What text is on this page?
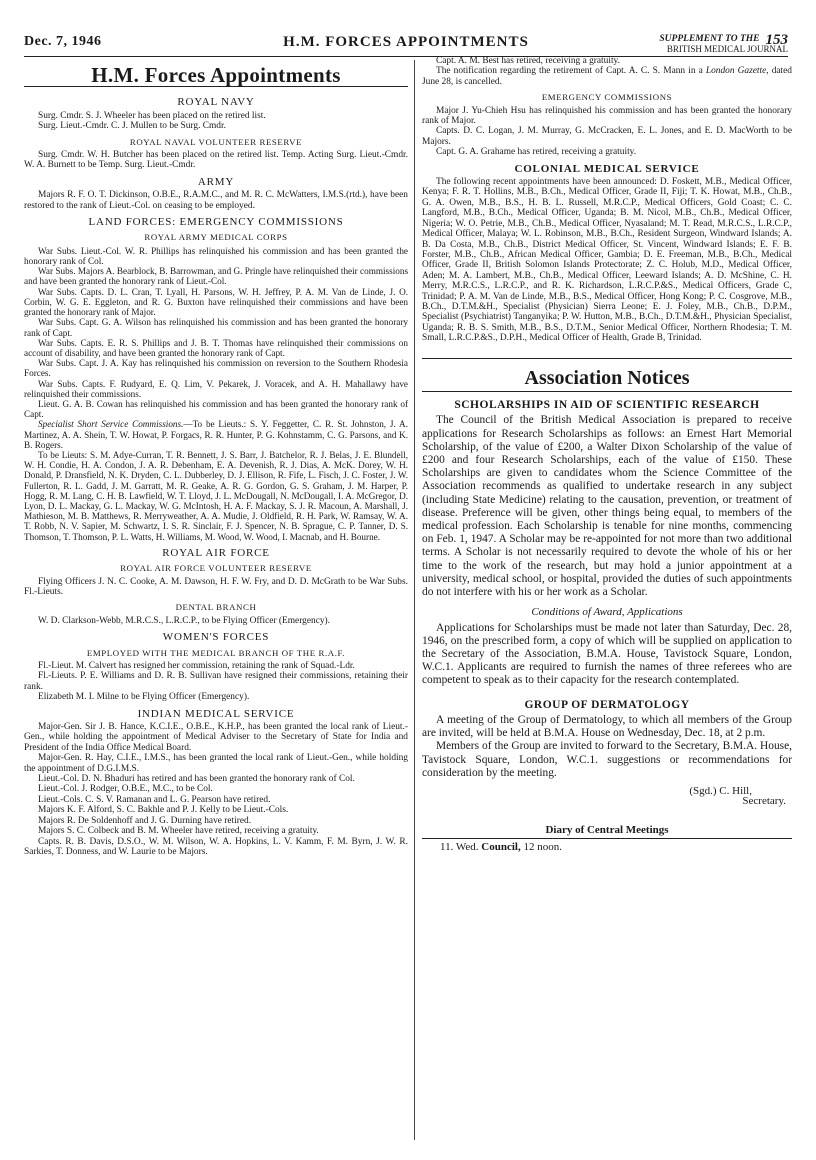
Dec. 7, 1946	H.M. FORCES APPOINTMENTS	SUPPLEMENT TO THE 153
BRITISH MEDICAL JOURNAL
H.M. Forces Appointments
ROYAL NAVY

Surg. Cmdr. S. J. Wheeler has been placed on the retired list.

Surg. Lieut.-Cmdr. C. J. Mullen to be Surg. Cmdr.

ROYAL NAVAL VOLUNTEER RESERVE

Surg. Cmdr. W. H. Butcher has been placed on the retired list. Temp. Acting Surg. Lieut.-Cmdr. W. A. Burnett to be Temp. Surg. Lieut.-Cmdr.

ARMY

Majors R. F. O. T. Dickinson, O.B.E., R.A.M.C., and M. R. C. McWatters, I.M.S.(rtd.), have been restored to the rank of Lieut.-Col. on ceasing to be employed.

LAND FORCES: EMERGENCY COMMISSIONS
ROYAL ARMY MEDICAL CORPS

War Subs. Lieut.-Col. W. R. Phillips has relinquished his commission and has been granted the honorary rank of Col.

War Subs. Majors A. Bearblock, B. Barrowman, and G. Pringle have relinquished their commissions and have been granted the honorary rank of Lieut.-Col.

War Subs. Capts. D. L. Cran, T. Lyall, H. Parsons, W. H. Jeffrey, P. A. M. Van de Linde, J. O. Corbin, W. G. E. Eggleton, and R. G. Buxton have relinquished their commissions and have been granted the honorary rank of Major.

War Subs. Capt. G. A. Wilson has relinquished his commission and has been granted the honorary rank of Capt.

War Subs. Capts. E. R. S. Phillips and J. B. T. Thomas have relinquished their commissions on account of disability, and have been granted the honorary rank of Capt.

War Subs. Capt. J. A. Kay has relinquished his commission on reversion to the Southern Rhodesia Forces.

War Subs. Capts. F. Rudyard, E. Q. Lim, V. Pekarek, J. Voracek, and A. H. Mahallawy have relinquished their commissions.

Lieut. G. A. B. Cowan has relinquished his commission and has been granted the honorary rank of Capt.

Specialist Short Service Commissions.—To be Lieuts.: S. Y. Feggetter, C. R. St. Johnston, J. A. Martinez, A. A. Shein, T. W. Howat, P. Forgacs, R. R. Hunter, P. G. Kohnstamm, C. G. Parsons, and K. B. Rogers.

To be Lieuts: S. M. Adye-Curran, T. R. Bennett, J. S. Barr, J. Batchelor, R. J. Belas, J. E. Blundell, W. H. Condie, H. A. Condon, J. A. R. Debenham, E. A. Devenish, R. J. Dias, A. McK. Dorey, W. H. Donald, P. Dransfield, N. K. Dryden, C. L. Dubberley, D. J. Ellison, R. Fife, L. Fisch, J. C. Foster, J. W. Fullerton, R. L. Gadd, J. M. Garratt, M. R. Geake, A. R. G. Gordon, G. S. Graham, J. M. Harper, P. Hogg, R. M. Lang, C. H. B. Lawfield, W. T. Lloyd, J. L. McDougall, N. McDougall, I. A. McGregor, D. Lyon, D. L. Mackay, G. L. Mackay, W. G. McIntosh, H. A. F. Mackay, S. J. R. Macoun, A. Marshall, J. Mathieson, M. B. Matthews, R. Merryweather, A. A. Mudie, J. Oldfield, R. H. Park, W. Ramsay, W. A. T. Robb, N. V. Sapier, M. Schwartz, I. S. R. Sinclair, F. J. Spencer, N. B. Sprague, C. P. Tanner, D. S. Thomson, T. Thomson, P. L. Watts, H. Williams, M. Wood, W. Wood, I. Macnab, and H. Bourne.

ROYAL AIR FORCE
ROYAL AIR FORCE VOLUNTEER RESERVE

Flying Officers J. N. C. Cooke, A. M. Dawson, H. F. W. Fry, and D. D. McGrath to be War Subs. Fl.-Lieuts.

DENTAL BRANCH

W. D. Clarkson-Webb, M.R.C.S., L.R.C.P., to be Flying Officer (Emergency).

WOMEN'S FORCES
EMPLOYED WITH THE MEDICAL BRANCH OF THE R.A.F.

Fl.-Lieut. M. Calvert has resigned her commission, retaining the rank of Squad.-Ldr.

Fl.-Lieuts. P. E. Williams and D. R. B. Sullivan have resigned their commissions, retaining their rank.

Elizabeth M. I. Milne to be Flying Officer (Emergency).

INDIAN MEDICAL SERVICE

Major-Gen. Sir J. B. Hance, K.C.I.E., O.B.E., K.H.P., has been granted the local rank of Lieut.-Gen., while holding the appointment of Medical Adviser to the Secretary of State for India and President of the India Office Medical Board.

Major-Gen. R. Hay, C.I.E., I.M.S., has been granted the local rank of Lieut.-Gen., while holding the appointment of D.G.I.M.S.

Lieut.-Col. D. N. Bhaduri has retired and has been granted the honorary rank of Col.

Lieut.-Col. J. Rodger, O.B.E., M.C., to be Col.

Lieut.-Cols. C. S. V. Ramanan and L. G. Pearson have retired.

Majors K. F. Alford, S. C. Bakhle and P. J. Kelly to be Lieut.-Cols.

Majors R. De Soldenhoff and J. G. Durning have retired.

Majors S. C. Colbeck and B. M. Wheeler have retired, receiving a gratuity.

Capts. R. B. Davis, D.S.O., W. M. Wilson, W. A. Hopkins, L. V. Kamm, F. M. Byrn, J. W. R. Sarkies, T. Donness, and W. Laurie to be Majors.

Capt. A. M. Best has retired, receiving a gratuity.

The notification regarding the retirement of Capt. A. C. S. Mann in a London Gazette, dated June 28, is cancelled.

EMERGENCY COMMISSIONS

Major J. Yu-Chieh Hsu has relinquished his commission and has been granted the honorary rank of Major.

Capts. D. C. Logan, J. M. Murray, G. McCracken, E. L. Jones, and E. D. MacWorth to be Majors.

Capt. G. A. Grahame has retired, receiving a gratuity.

COLONIAL MEDICAL SERVICE

The following recent appointments have been announced: D. Foskett, M.B., Medical Officer, Kenya; F. R. T. Hollins, M.B., B.Ch., Medical Officer, Grade II, Fiji; T. K. Howat, M.B., Ch.B., G. A. Owen, M.B., B.S., H. B. L. Russell, M.R.C.P., Medical Officers, Gold Coast; C. C. Langford, M.B., B.Ch., Medical Officer, Uganda; B. M. Nicol, M.B., Ch.B., Medical Officer, Nigeria; W. O. Petrie, M.B., Ch.B., Medical Officer, Nyasaland; M. T. Read, M.R.C.S., L.R.C.P., Medical Officer, Malaya; W. L. Robinson, M.B., B.Ch., Resident Surgeon, Windward Islands; A. B. Da Costa, M.B., Ch.B., District Medical Officer, St. Vincent, Windward Islands; E. F. B. Forster, M.B., Ch.B., African Medical Officer, Gambia; D. E. Freeman, M.B., B.Ch., Medical Officer, Grade II, British Solomon Islands Protectorate; Z. C. Holub, M.D., Medical Officer, Aden; M. A. Lambert, M.B., Ch.B., Medical Officer, Leeward Islands; A. D. McShine, C. H. Merry, M.R.C.S., L.R.C.P., and R. K. Richardson, L.R.C.P.&S., Medical Officers, Grade C, Trinidad; P. A. M. Van de Linde, M.B., B.S., Medical Officer, Hong Kong; P. C. Cosgrove, M.B., B.Ch., D.T.M.&H., Specialist (Physician) Sierra Leone; E. J. Foley, M.B., Ch.B., D.P.M., Specialist (Psychiatrist) Tanganyika; P. W. Hutton, M.B., B.Ch., D.T.M.&H., Physician Specialist, Uganda; R. B. S. Smith, M.B., B.S., D.T.M., Senior Medical Officer, Northern Rhodesia; T. M. Small, L.R.C.P.&S., D.P.H., Medical Officer of Health, Grade B, Trinidad.

Association Notices
SCHOLARSHIPS IN AID OF SCIENTIFIC RESEARCH

The Council of the British Medical Association is prepared to receive applications for Research Scholarships as follows: an Ernest Hart Memorial Scholarship, of the value of £200, a Walter Dixon Scholarship of the value of £200 and four Research Scholarships, each of the value of £150. These Scholarships are given to candidates whom the Science Committee of the Association recommends as qualified to undertake research in any subject (including State Medicine) relating to the causation, prevention, or treatment of disease. Preference will be given, other things being equal, to members of the medical profession. Each Scholarship is tenable for nine months, commencing on Feb. 1, 1947. A Scholar may be re-appointed for not more than two additional terms. A Scholar is not necessarily required to devote the whole of his or her time to the work of the research, but may hold a junior appointment at a university, medical school, or hospital, provided the duties of such appointments do not interfere with his or her work as a Scholar.

Conditions of Award, Applications

Applications for Scholarships must be made not later than Saturday, Dec. 28, 1946, on the prescribed form, a copy of which will be supplied on application to the Secretary of the Association, B.M.A. House, Tavistock Square, London, W.C.1. Applicants are required to furnish the names of three referees who are competent to speak as to their capacity for the research contemplated.

GROUP OF DERMATOLOGY

A meeting of the Group of Dermatology, to which all members of the Group are invited, will be held at B.M.A. House on Wednesday, Dec. 18, at 2 p.m.

Members of the Group are invited to forward to the Secretary, B.M.A. House, Tavistock Square, London, W.C.1. suggestions or recommendations for consideration by the meeting.

(Sgd.) C. Hill,
Secretary.
Diary of Central Meetings
11. Wed. Council, 12 noon.
